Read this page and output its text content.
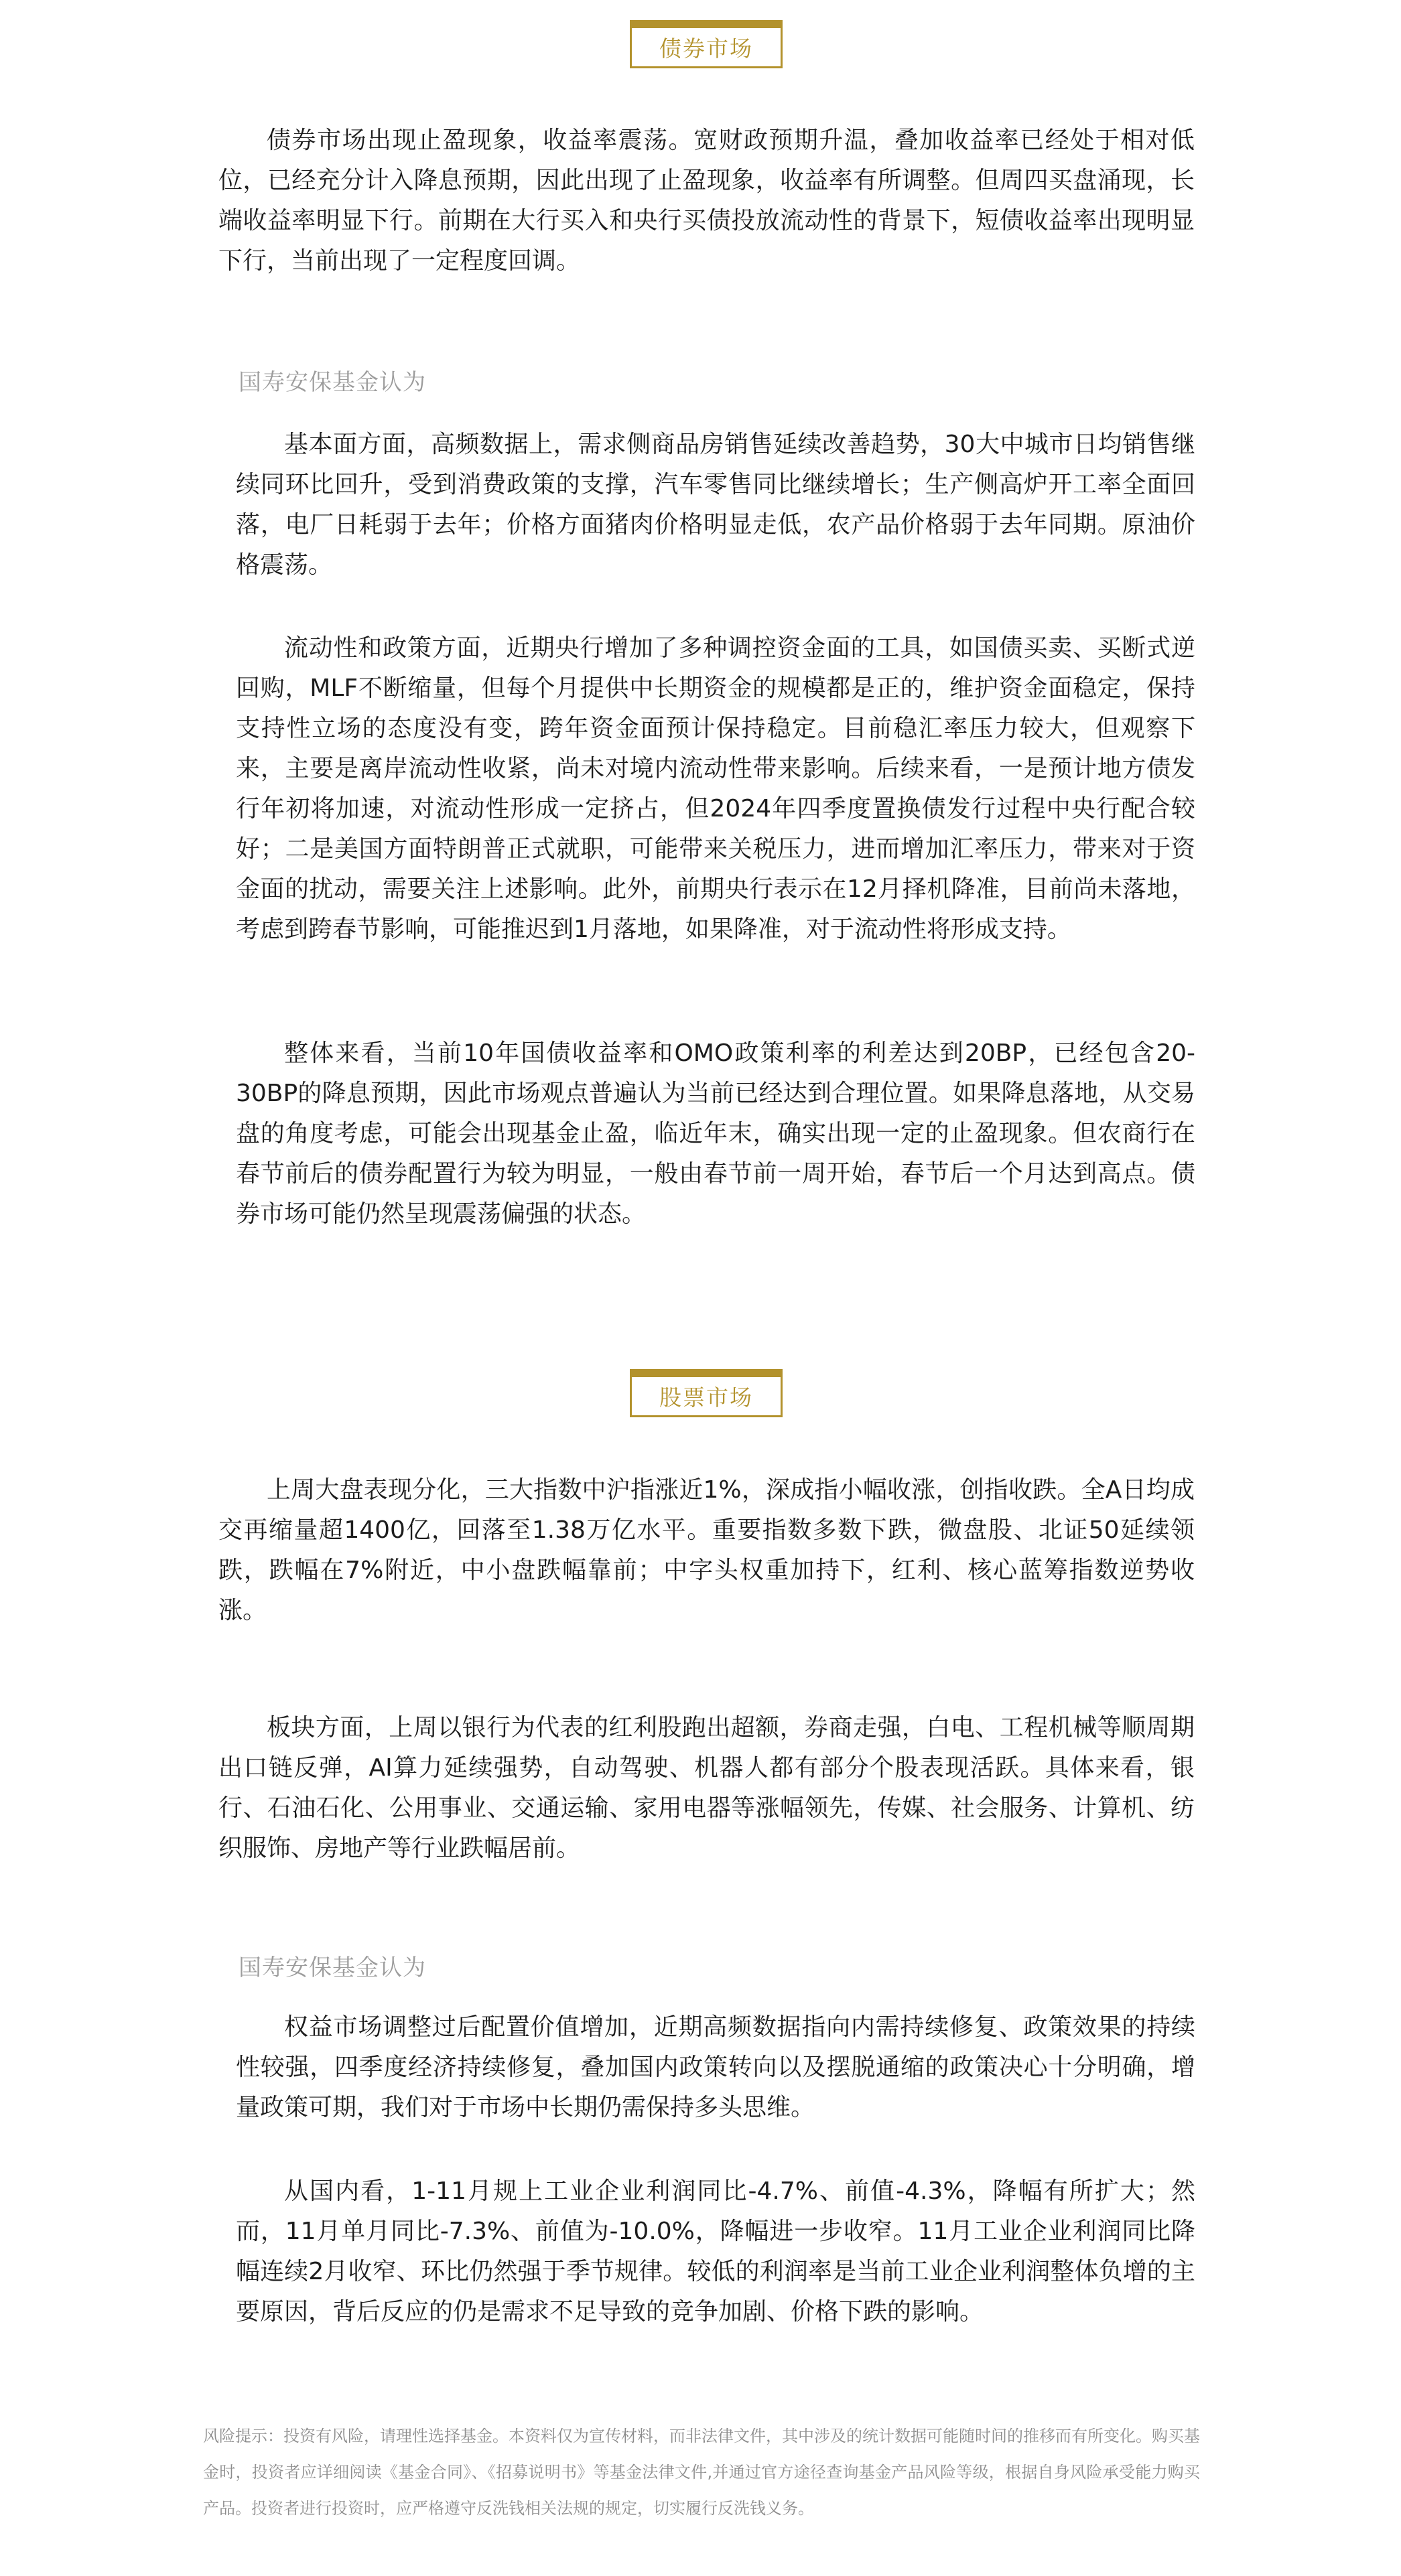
债券市场

债券市场出现止盈现象，收益率震荡。宽财政预期升温，叠加收益率已经处于相对低位，已经充分计入降息预期，因此出现了止盈现象，收益率有所调整。但周四买盘涌现，长端收益率明显下行。前期在大行买入和央行买债投放流动性的背景下，短债收益率出现明显下行，当前出现了一定程度回调。

国寿安保基金认为

基本面方面，高频数据上，需求侧商品房销售延续改善趋势，30大中城市日均销售继续同环比回升，受到消费政策的支撑，汽车零售同比继续增长；生产侧高炉开工率全面回落，电厂日耗弱于去年；价格方面猪肉价格明显走低，农产品价格弱于去年同期。原油价格震荡。

流动性和政策方面，近期央行增加了多种调控资金面的工具，如国债买卖、买断式逆回购，MLF不断缩量，但每个月提供中长期资金的规模都是正的，维护资金面稳定，保持支持性立场的态度没有变，跨年资金面预计保持稳定。目前稳汇率压力较大，但观察下来，主要是离岸流动性收紧，尚未对境内流动性带来影响。后续来看，一是预计地方债发行年初将加速，对流动性形成一定挤占，但2024年四季度置换债发行过程中央行配合较好；二是美国方面特朗普正式就职，可能带来关税压力，进而增加汇率压力，带来对于资金面的扰动，需要关注上述影响。此外，前期央行表示在12月择机降准，目前尚未落地，考虑到跨春节影响，可能推迟到1月落地，如果降准，对于流动性将形成支持。

整体来看，当前10年国债收益率和OMO政策利率的利差达到20BP，已经包含20-30BP的降息预期，因此市场观点普遍认为当前已经达到合理位置。如果降息落地，从交易盘的角度考虑，可能会出现基金止盈，临近年末，确实出现一定的止盈现象。但农商行在春节前后的债券配置行为较为明显，一般由春节前一周开始，春节后一个月达到高点。债券市场可能仍然呈现震荡偏强的状态。

股票市场

上周大盘表现分化，三大指数中沪指涨近1%，深成指小幅收涨，创指收跌。全A日均成交再缩量超1400亿，回落至1.38万亿水平。重要指数多数下跌，微盘股、北证50延续领跌，跌幅在7%附近，中小盘跌幅靠前；中字头权重加持下，红利、核心蓝筹指数逆势收涨。

板块方面，上周以银行为代表的红利股跑出超额，券商走强，白电、工程机械等顺周期出口链反弹，AI算力延续强势，自动驾驶、机器人都有部分个股表现活跃。具体来看，银行、石油石化、公用事业、交通运输、家用电器等涨幅领先，传媒、社会服务、计算机、纺织服饰、房地产等行业跌幅居前。

国寿安保基金认为

权益市场调整过后配置价值增加，近期高频数据指向内需持续修复、政策效果的持续性较强，四季度经济持续修复，叠加国内政策转向以及摆脱通缩的政策决心十分明确，增量政策可期，我们对于市场中长期仍需保持多头思维。

从国内看，1-11月规上工业企业利润同比-4.7%、前值-4.3%，降幅有所扩大；然而，11月单月同比-7.3%、前值为-10.0%，降幅进一步收窄。11月工业企业利润同比降幅连续2月收窄、环比仍然强于季节规律。较低的利润率是当前工业企业利润整体负增的主要原因，背后反应的仍是需求不足导致的竞争加剧、价格下跌的影响。

风险提示：投资有风险，请理性选择基金。本资料仅为宣传材料，而非法律文件，其中涉及的统计数据可能随时间的推移而有所变化。购买基金时，投资者应详细阅读《基金合同》、《招募说明书》等基金法律文件,并通过官方途径查询基金产品风险等级，根据自身风险承受能力购买产品。投资者进行投资时，应严格遵守反洗钱相关法规的规定，切实履行反洗钱义务。
